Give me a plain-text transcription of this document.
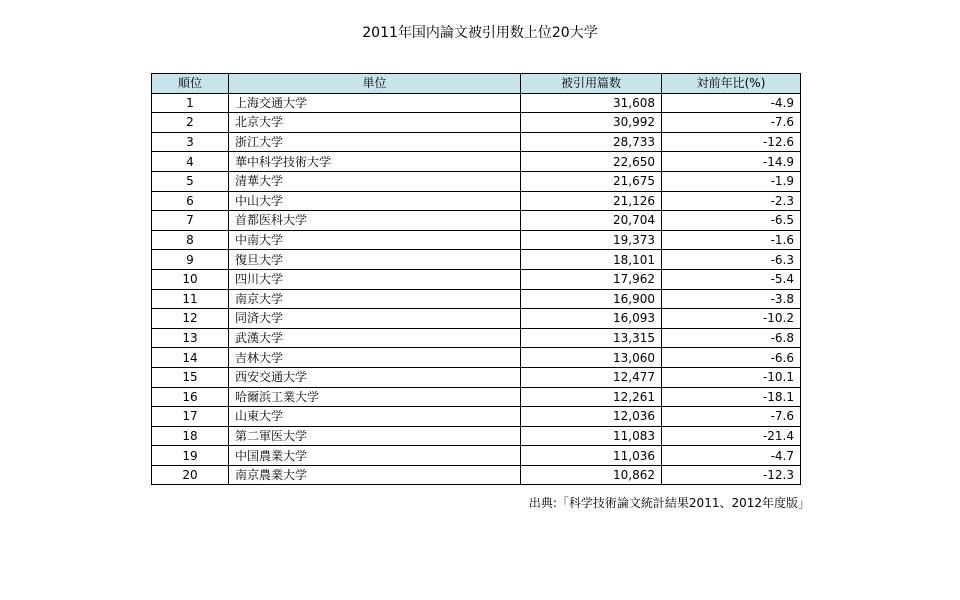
2011年国内論文被引用数上位20大学
順位	単位	被引用篇数	対前年比(%)
1	上海交通大学	31,608	-4.9
2	北京大学	30,992	-7.6
3	浙江大学	28,733	-12.6
4	華中科学技術大学	22,650	-14.9
5	清華大学	21,675	-1.9
6	中山大学	21,126	-2.3
7	首都医科大学	20,704	-6.5
8	中南大学	19,373	-1.6
9	復旦大学	18,101	-6.3
10	四川大学	17,962	-5.4
11	南京大学	16,900	-3.8
12	同済大学	16,093	-10.2
13	武漢大学	13,315	-6.8
14	吉林大学	13,060	-6.6
15	西安交通大学	12,477	-10.1
16	哈爾浜工業大学	12,261	-18.1
17	山東大学	12,036	-7.6
18	第二軍医大学	11,083	-21.4
19	中国農業大学	11,036	-4.7
20	南京農業大学	10,862	-12.3
出典:「科学技術論文統計結果2011、2012年度版」
